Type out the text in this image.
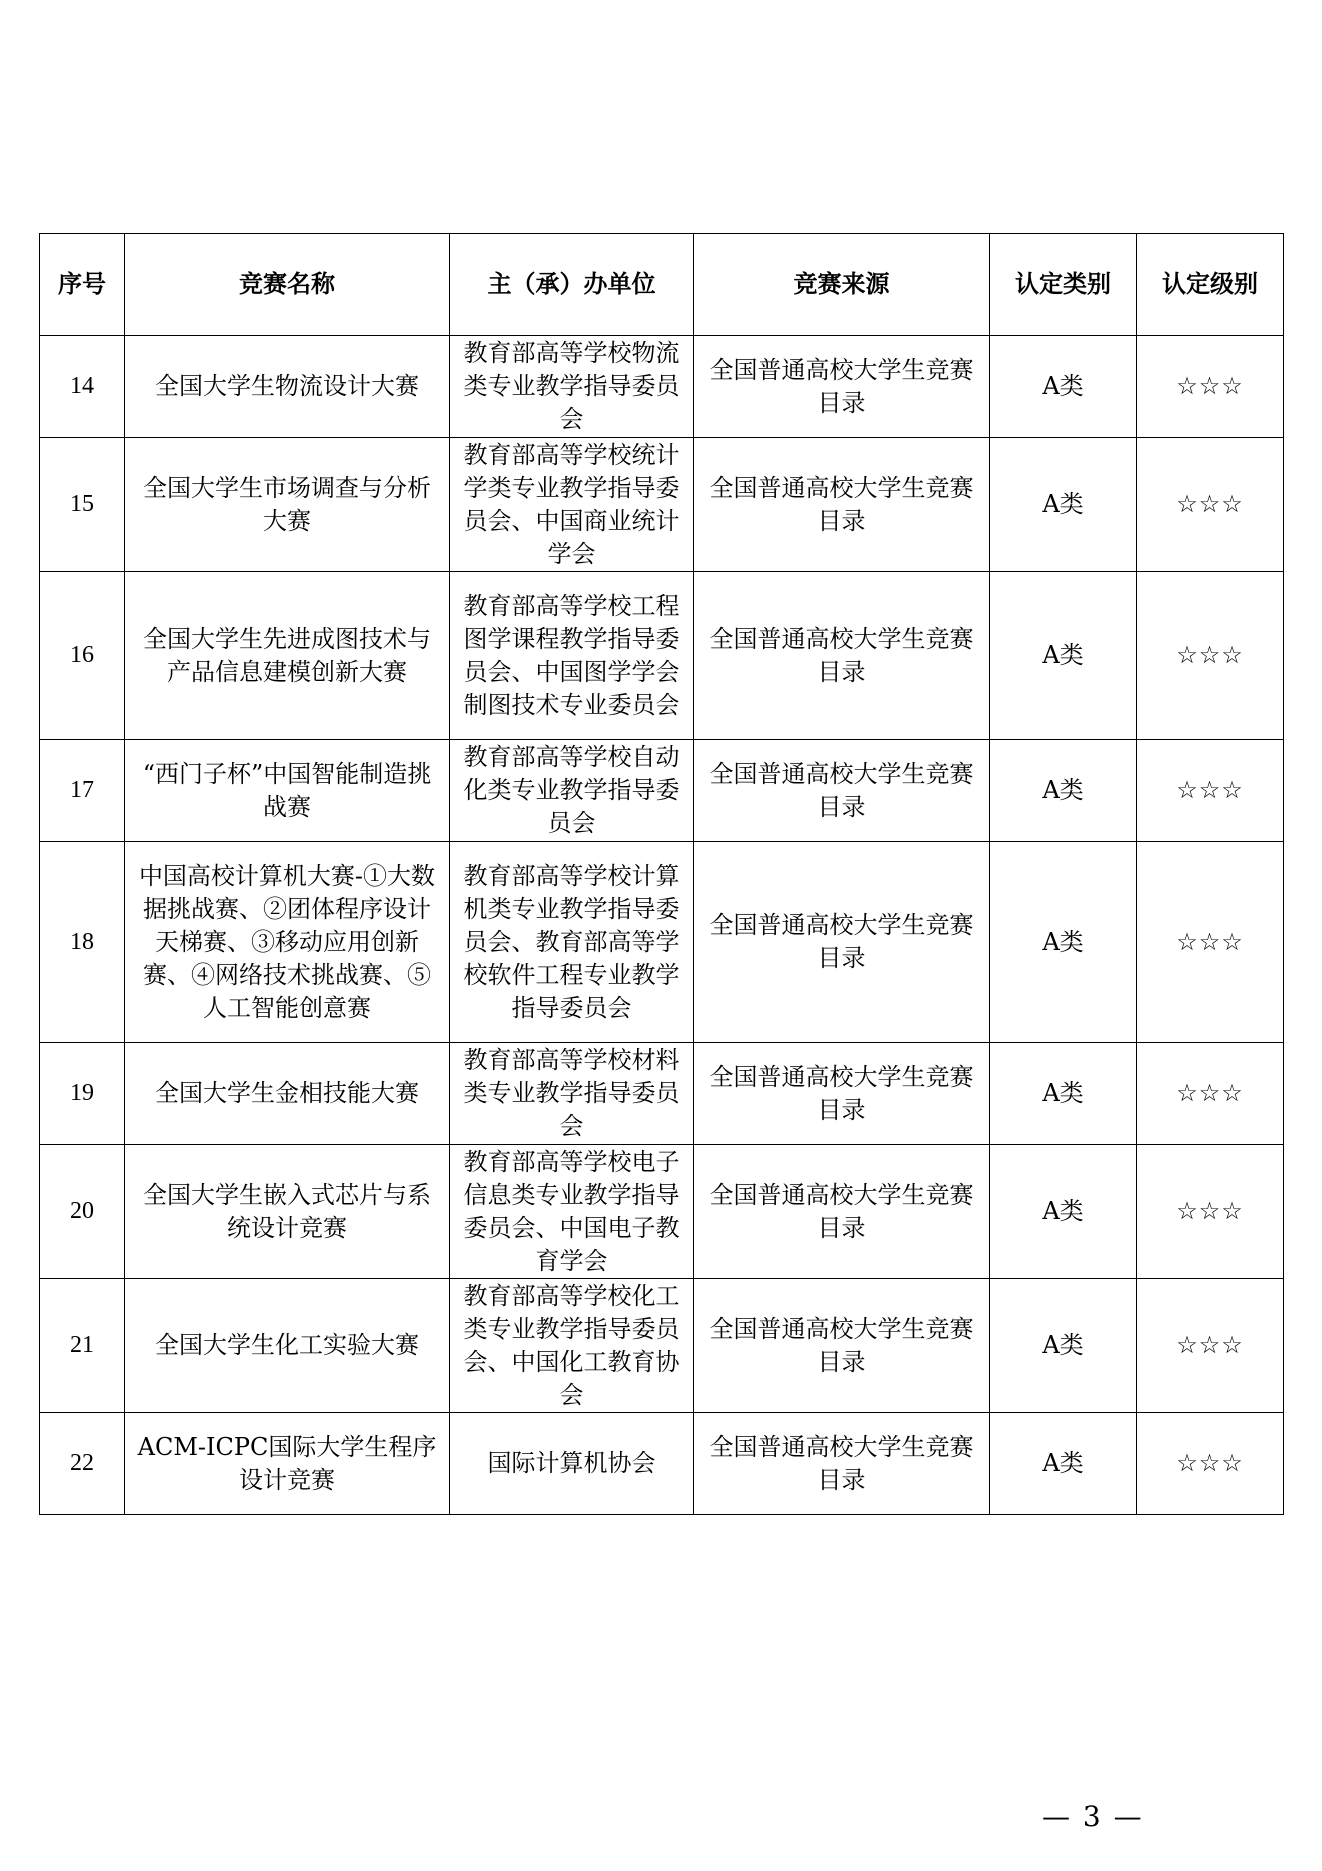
序号	竞赛名称	主（承）办单位	竞赛来源	认定类别	认定级别
14	全国大学生物流设计大赛	教育部高等学校物流类专业教学指导委员会	全国普通高校大学生竞赛目录	A类	☆☆☆
15	全国大学生市场调查与分析大赛	教育部高等学校统计学类专业教学指导委员会、中国商业统计学会	全国普通高校大学生竞赛目录	A类	☆☆☆
16	全国大学生先进成图技术与产品信息建模创新大赛	教育部高等学校工程图学课程教学指导委员会、中国图学学会制图技术专业委员会	全国普通高校大学生竞赛目录	A类	☆☆☆
17	“西门子杯”中国智能制造挑战赛	教育部高等学校自动化类专业教学指导委员会	全国普通高校大学生竞赛目录	A类	☆☆☆
18	中国高校计算机大赛-①大数据挑战赛、②团体程序设计天梯赛、③移动应用创新赛、④网络技术挑战赛、⑤人工智能创意赛	教育部高等学校计算机类专业教学指导委员会、教育部高等学校软件工程专业教学指导委员会	全国普通高校大学生竞赛目录	A类	☆☆☆
19	全国大学生金相技能大赛	教育部高等学校材料类专业教学指导委员会	全国普通高校大学生竞赛目录	A类	☆☆☆
20	全国大学生嵌入式芯片与系统设计竞赛	教育部高等学校电子信息类专业教学指导委员会、中国电子教育学会	全国普通高校大学生竞赛目录	A类	☆☆☆
21	全国大学生化工实验大赛	教育部高等学校化工类专业教学指导委员会、中国化工教育协会	全国普通高校大学生竞赛目录	A类	☆☆☆
22	ACM-ICPC国际大学生程序设计竞赛	国际计算机协会	全国普通高校大学生竞赛目录	A类	☆☆☆
— 3 —
